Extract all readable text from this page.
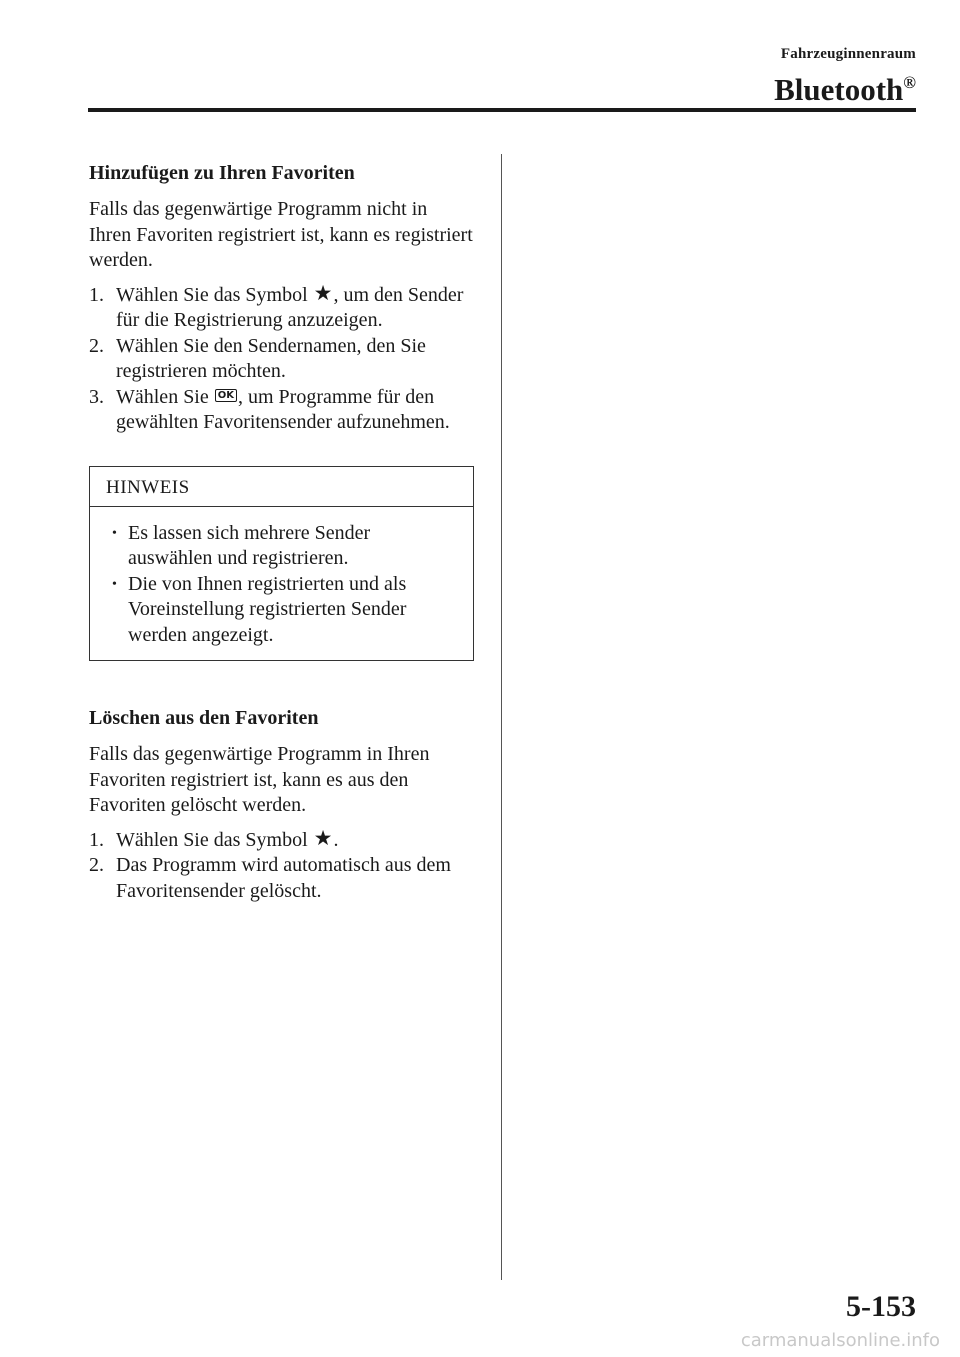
Fahrzeuginnenraum
Bluetooth®
Hinzufügen zu Ihren Favoriten

Falls das gegenwärtige Programm nicht in Ihren Favoriten registriert ist, kann es registriert werden.

1. Wählen Sie das Symbol ★, um den Sender für die Registrierung anzuzeigen.
2. Wählen Sie den Sendernamen, den Sie registrieren möchten.
3. Wählen Sie OK , um Programme für den gewählten Favoritensender aufzunehmen.
HINWEIS
• Es lassen sich mehrere Sender auswählen und registrieren.
• Die von Ihnen registrierten und als Voreinstellung registrierten Sender werden angezeigt.
Löschen aus den Favoriten

Falls das gegenwärtige Programm in Ihren Favoriten registriert ist, kann es aus den Favoriten gelöscht werden.

1. Wählen Sie das Symbol ★.
2. Das Programm wird automatisch aus dem Favoritensender gelöscht.
5-153
carmanualsonline.info
